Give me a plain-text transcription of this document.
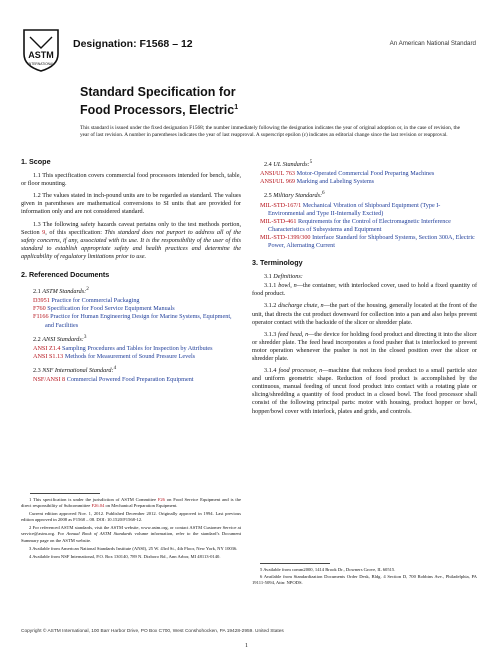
ASTM
INTERNATIONAL
Designation: F1568 – 12	An American National Standard
Standard Specification for
Food Processors, Electric$^1$
This standard is issued under the fixed designation F1568; the number immediately following the designation indicates the year of original adoption or, in the case of revision, the year of last revision. A number in parentheses indicates the year of last reapproval. A superscript epsilon (ε) indicates an editorial change since the last revision or reapproval.
1. Scope

1.1 This specification covers commercial food processors intended for bench, table, or floor mounting.

1.2 The values stated in inch-pound units are to be regarded as standard. The values given in parentheses are mathematical conversions to SI units that are provided for information only and are not considered standard.

1.3 The following safety hazards caveat pertains only to the test methods portion, Section 9, of this specification: This standard does not purport to address all of the safety concerns, if any, associated with its use. It is the responsibility of the user of this standard to establish appropriate safety and health practices and determine the applicability of regulatory limitations prior to use.

2. Referenced Documents

2.1 ASTM Standards:$^2$

D3951 Practice for Commercial Packaging

F760 Specification for Food Service Equipment Manuals

F1166 Practice for Human Engineering Design for Marine Systems, Equipment, and Facilities

2.2 ANSI Standards:$^3$

ANSI Z1.4 Sampling Procedures and Tables for Inspection by Attributes

ANSI S1.13 Methods for Measurement of Sound Pressure Levels

2.3 NSF International Standard:$^4$

NSF/ANSI 8 Commercial Powered Food Preparation Equipment

2.4 UL Standards:$^5$

ANSI/UL 763 Motor-Operated Commercial Food Preparing Machines

ANSI/UL 969 Marking and Labeling Systems

2.5 Military Standards:$^6$

MIL-STD-167/1 Mechanical Vibration of Shipboard Equipment (Type I-Environmental and Type II-Internally Excited)

MIL-STD-461 Requirements for the Control of Electromagnetic Interference Characteristics of Subsystems and Equipment

MIL-STD-1399/300 Interface Standard for Shipboard Systems, Section 300A, Electric Power, Alternating Current

3. Terminology

3.1 Definitions:

3.1.1 bowl, n—the container, with interlocked cover, used to hold a fixed quantity of food product.

3.1.2 discharge chute, n—the part of the housing, generally located at the front of the unit, that directs the cut product downward for collection into a pan and also helps prevent operator contact with the backside of the slicer or shredder plate.

3.1.3 feed head, n—the device for holding food product and directing it into the slicer or shredder plate. The feed head incorporates a food pusher that is interlocked to prevent motor operation whenever the pusher is not in the closed position over the slicer or shredder plate.

3.1.4 food processor, n—machine that reduces food product to a small particle size and uniform geometric shape. Reduction of food product is accomplished by the continuous, manual feeding of uncut food product into contact with a rotating plate or slicing/shredding a quantity of food product in a closed bowl. The food processor shall consist of the following principal parts: motor with housing, product hopper or bowl, hopper/bowl cover with interlock, plates and grids, and controls.

1 This specification is under the jurisdiction of ASTM Committee F26 on Food Service Equipment and is the direct responsibility of Subcommittee F26.04 on Mechanical Preparation Equipment.

Current edition approved Nov. 1, 2012. Published December 2012. Originally approved in 1994. Last previous edition approved in 2008 as F1568 – 08. DOI: 10.1520/F1568-12.

2 For referenced ASTM standards, visit the ASTM website, www.astm.org, or contact ASTM Customer Service at service@astm.org. For Annual Book of ASTM Standards volume information, refer to the standard’s Document Summary page on the ASTM website.

3 Available from American National Standards Institute (ANSI), 25 W. 43rd St., 4th Floor, New York, NY 10036.

4 Available from NSF International, P.O. Box 130140, 789 N. Dixboro Rd., Ann Arbor, MI 48113-0140.

5 Available from comm2000, 1414 Brook Dr., Downers Grove, IL 60515.

6 Available from Standardization Documents Order Desk, Bldg. 4 Section D, 700 Robbins Ave., Philadelphia, PA 19111-5094, Attn: NPODS.

Copyright © ASTM International, 100 Barr Harbor Drive, PO Box C700, West Conshohocken, PA 19428-2959. United States
1
